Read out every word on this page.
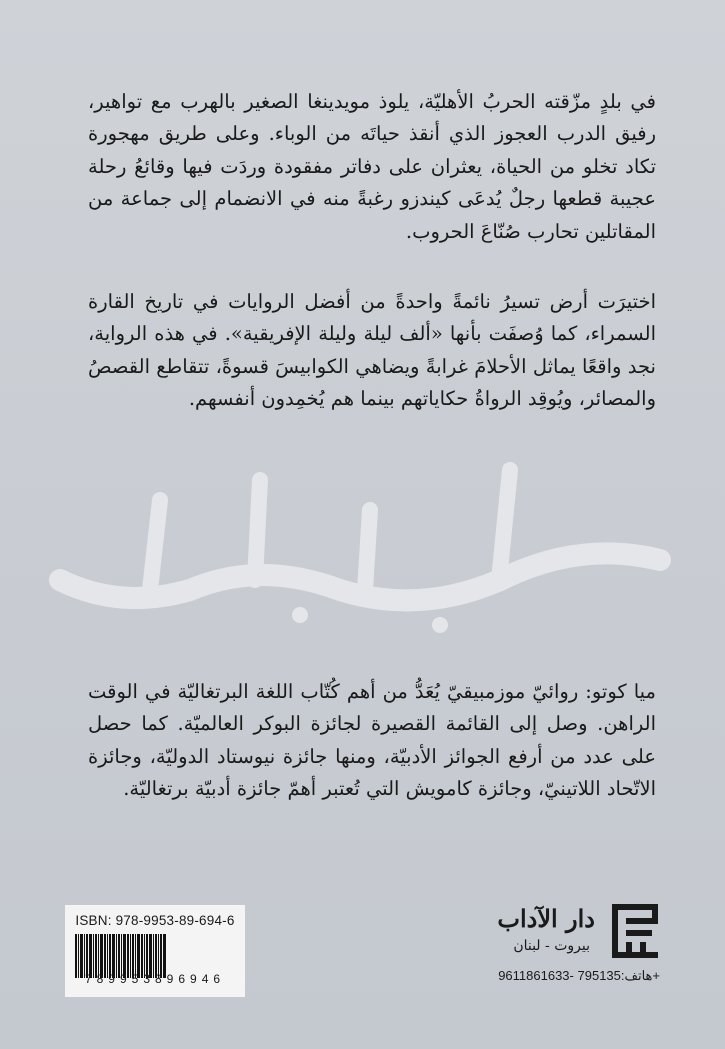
في بلدٍ مزّقته الحربُ الأهليّة، يلوذ مويدينغا الصغير بالهرب مع تواهير، رفيق الدرب العجوز الذي أنقذ حياتَه من الوباء. وعلى طريق مهجورة تكاد تخلو من الحياة، يعثران على دفاتر مفقودة وردَت فيها وقائعُ رحلة عجيبة قطعها رجلٌ يُدعَى كيندزو رغبةً منه في الانضمام إلى جماعة من المقاتلين تحارب صُنّاعَ الحروب.

اختيرَت أرض تسيرُ نائمةً واحدةً من أفضل الروايات في تاريخ القارة السمراء، كما وُصفَت بأنها «ألف ليلة وليلة الإفريقية». في هذه الرواية، نجد واقعًا يماثل الأحلامَ غرابةً ويضاهي الكوابيسَ قسوةً، تتقاطع القصصُ والمصائر، ويُوقِد الرواةُ حكاياتهم بينما هم يُخمِدون أنفسهم.

ميا كوتو: روائيّ موزمبيقيّ يُعَدُّ من أهم كُتّاب اللغة البرتغاليّة في الوقت الراهن. وصل إلى القائمة القصيرة لجائزة البوكر العالميّة. كما حصل على عدد من أرفع الجوائز الأدبيّة، ومنها جائزة نيوستاد الدوليّة، وجائزة الاتّحاد اللاتينيّ، وجائزة كامويش التي تُعتبر أهمّ جائزة أدبيّة برتغاليّة.

ISBN: 978-9953-89-694-6
789953896946
دار الآداب
بيروت - لبنان
هاتف:795135 -9611861633+
